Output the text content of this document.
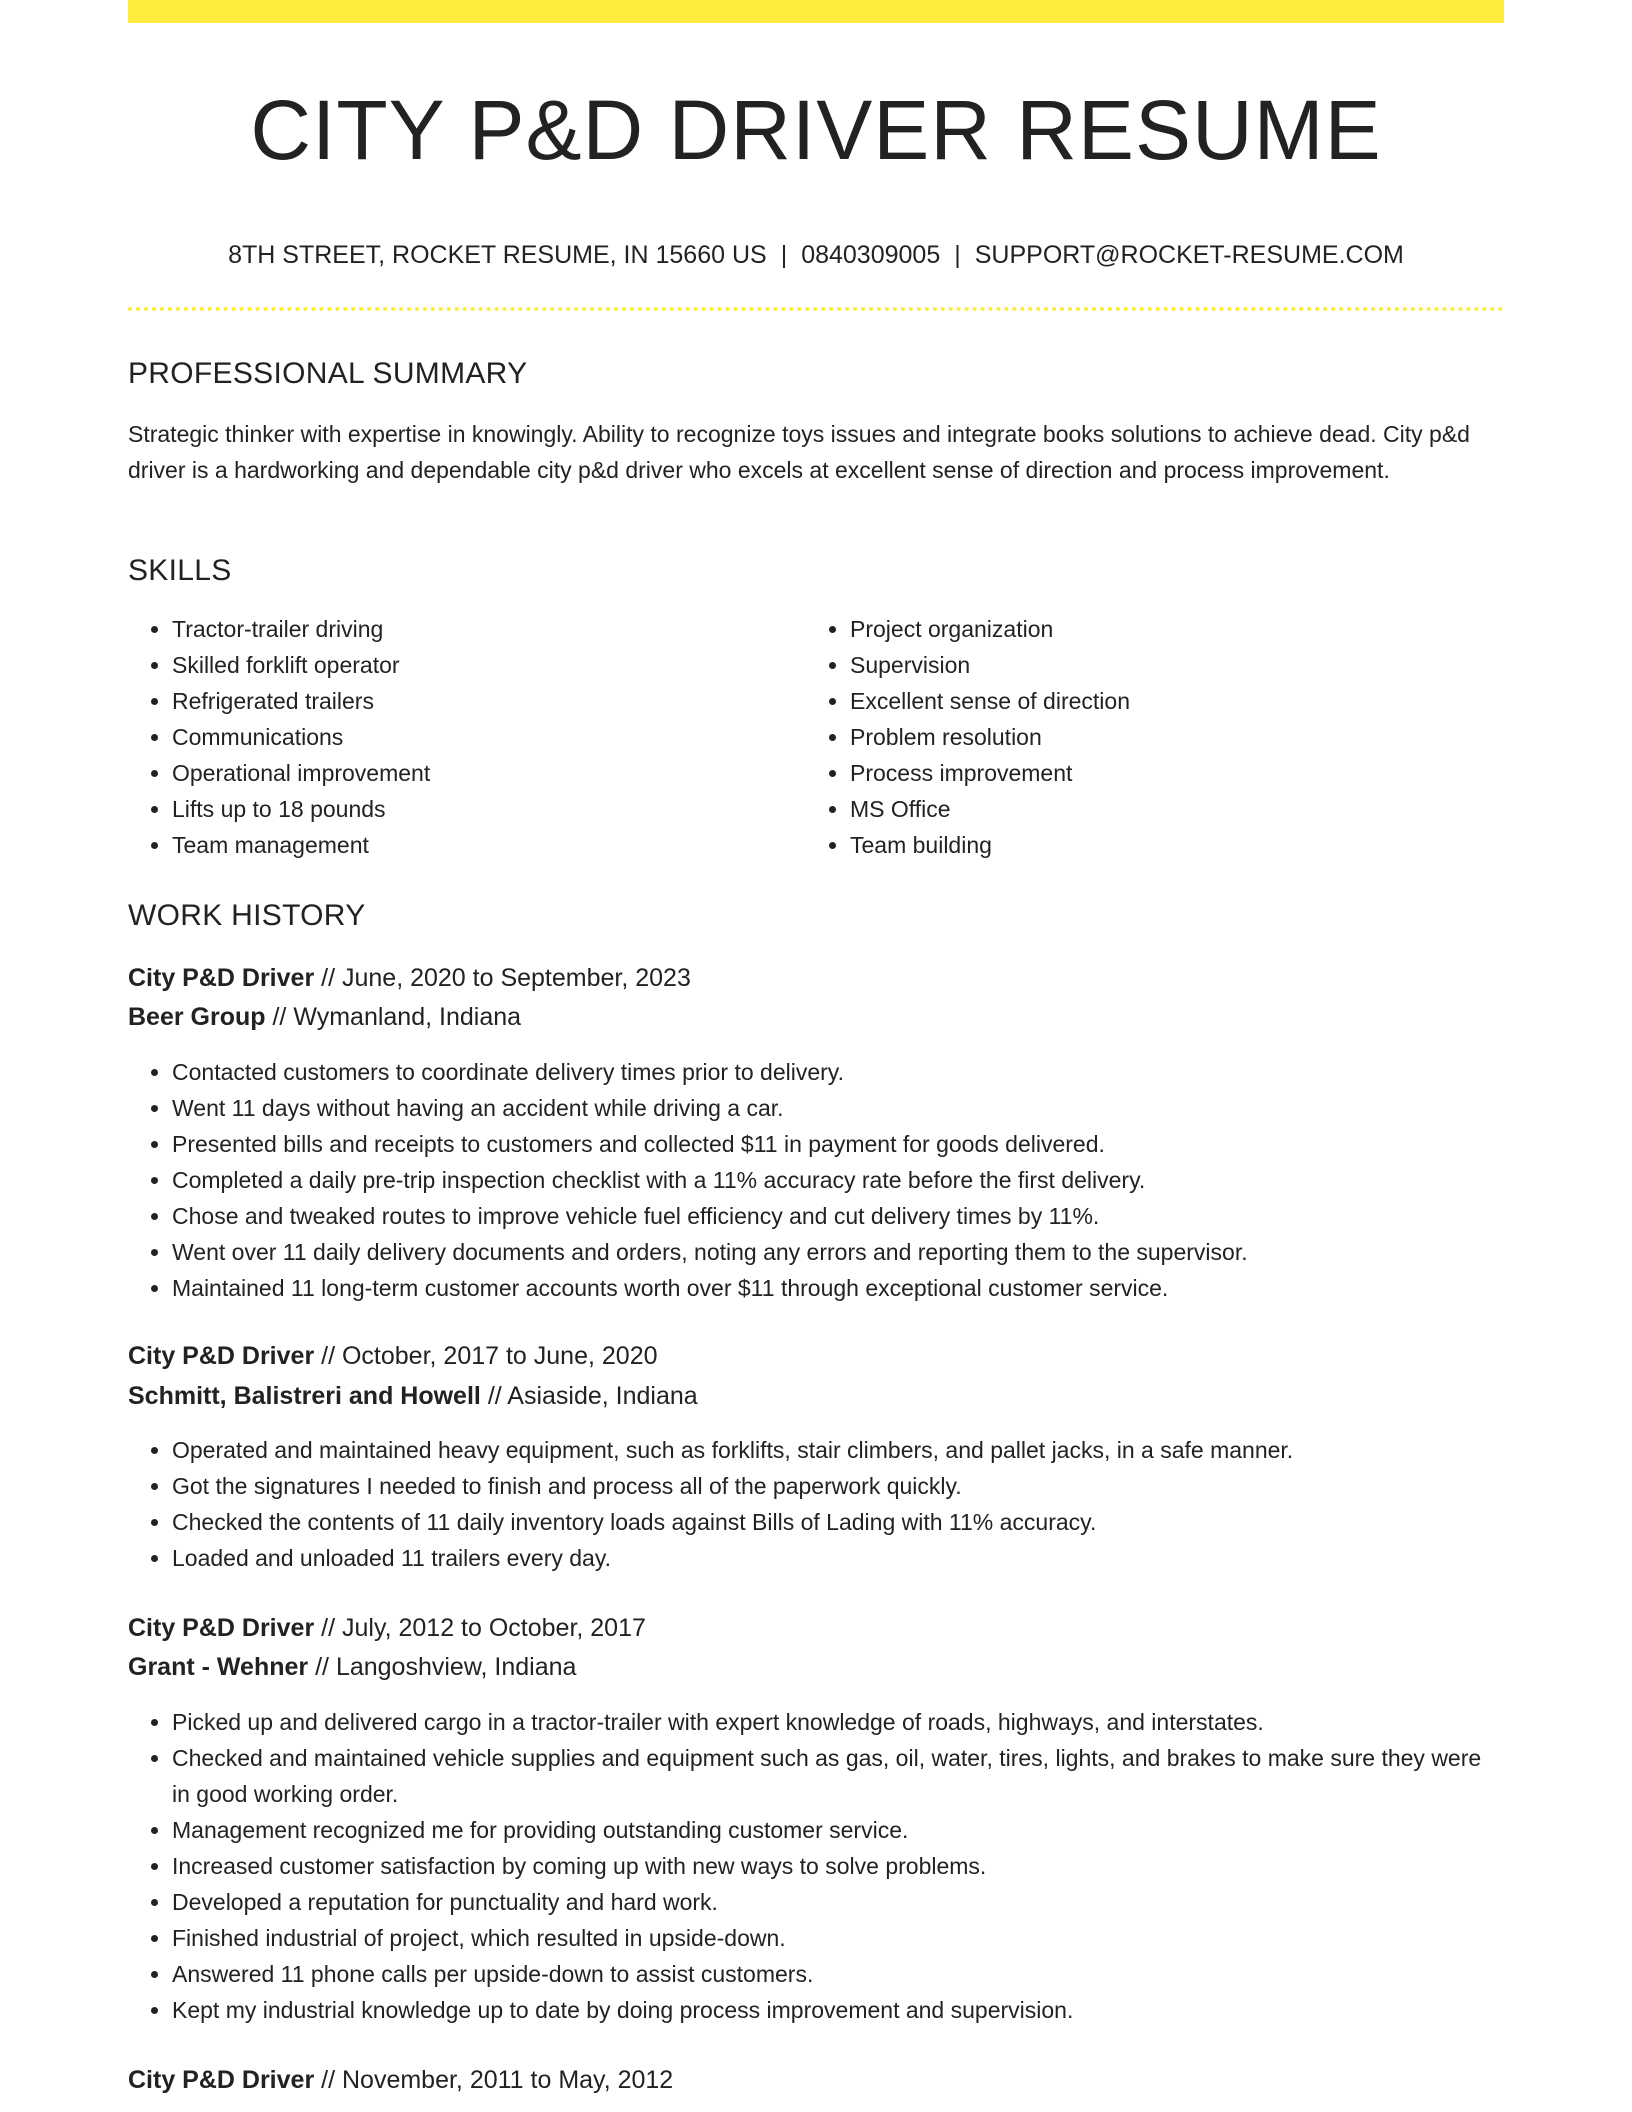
CITY P&D DRIVER RESUME
8TH STREET, ROCKET RESUME, IN 15660 US | 0840309005 | SUPPORT@ROCKET-RESUME.COM
PROFESSIONAL SUMMARY

Strategic thinker with expertise in knowingly. Ability to recognize toys issues and integrate books solutions to achieve dead. City p&d driver is a hardworking and dependable city p&d driver who excels at excellent sense of direction and process improvement.

SKILLS
• Tractor-trailer driving
• Skilled forklift operator
• Refrigerated trailers
• Communications
• Operational improvement
• Lifts up to 18 pounds
• Team management
• Project organization
• Supervision
• Excellent sense of direction
• Problem resolution
• Process improvement
• MS Office
• Team building
WORK HISTORY
City P&D Driver // June, 2020 to September, 2023
Beer Group // Wymanland, Indiana
• Contacted customers to coordinate delivery times prior to delivery.
• Went 11 days without having an accident while driving a car.
• Presented bills and receipts to customers and collected $11 in payment for goods delivered.
• Completed a daily pre-trip inspection checklist with a 11% accuracy rate before the first delivery.
• Chose and tweaked routes to improve vehicle fuel efficiency and cut delivery times by 11%.
• Went over 11 daily delivery documents and orders, noting any errors and reporting them to the supervisor.
• Maintained 11 long-term customer accounts worth over $11 through exceptional customer service.
City P&D Driver // October, 2017 to June, 2020
Schmitt, Balistreri and Howell // Asiaside, Indiana
• Operated and maintained heavy equipment, such as forklifts, stair climbers, and pallet jacks, in a safe manner.
• Got the signatures I needed to finish and process all of the paperwork quickly.
• Checked the contents of 11 daily inventory loads against Bills of Lading with 11% accuracy.
• Loaded and unloaded 11 trailers every day.
City P&D Driver // July, 2012 to October, 2017
Grant - Wehner // Langoshview, Indiana
• Picked up and delivered cargo in a tractor-trailer with expert knowledge of roads, highways, and interstates.
• Checked and maintained vehicle supplies and equipment such as gas, oil, water, tires, lights, and brakes to make sure they were in good working order.
• Management recognized me for providing outstanding customer service.
• Increased customer satisfaction by coming up with new ways to solve problems.
• Developed a reputation for punctuality and hard work.
• Finished industrial of project, which resulted in upside-down.
• Answered 11 phone calls per upside-down to assist customers.
• Kept my industrial knowledge up to date by doing process improvement and supervision.
City P&D Driver // November, 2011 to May, 2012
